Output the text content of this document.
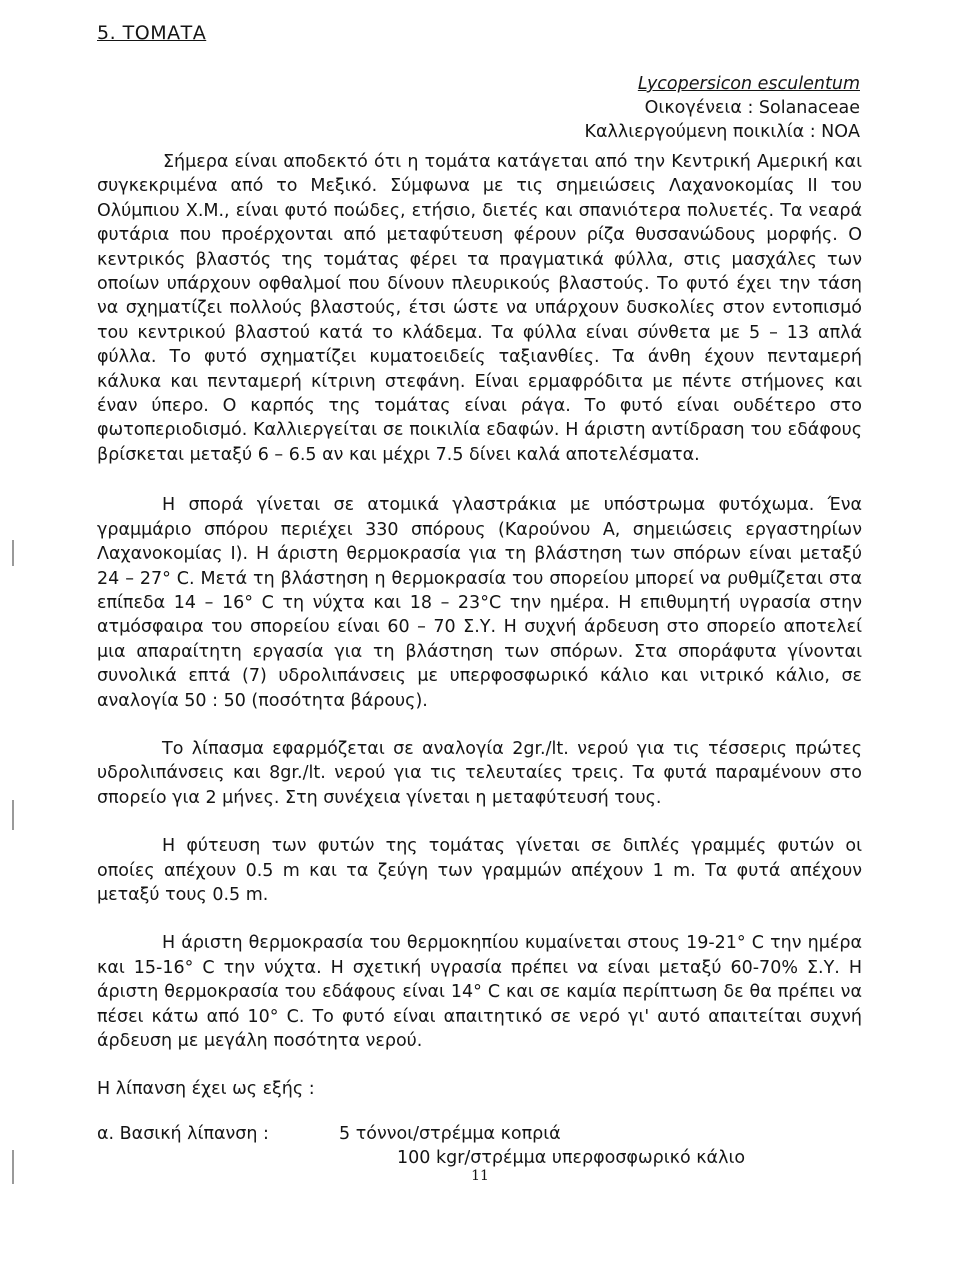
5. ΤΟΜΑΤΑ
Lycopersicon esculentum
Οικογένεια : Solanaceae
Καλλιεργούμενη ποικιλία : ΝΟΑ

Σήμερα είναι αποδεκτό ότι η τομάτα κατάγεται από την Κεντρική Αμερική και συγκεκριμένα από το Μεξικό. Σύμφωνα με τις σημειώσεις Λαχανοκομίας ΙΙ του Ολύμπιου Χ.Μ., είναι φυτό ποώδες, ετήσιο, διετές και σπανιότερα πολυετές. Τα νεαρά φυτάρια που προέρχονται από μεταφύτευση φέρουν ρίζα θυσσανώδους μορφής. Ο κεντρικός βλαστός της τομάτας φέρει τα πραγματικά φύλλα, στις μασχάλες των οποίων υπάρχουν οφθαλμοί που δίνουν πλευρικούς βλαστούς. Το φυτό έχει την τάση να σχηματίζει πολλούς βλαστούς, έτσι ώστε να υπάρχουν δυσκολίες στον εντοπισμό του κεντρικού βλαστού κατά το κλάδεμα. Τα φύλλα είναι σύνθετα με 5 – 13 απλά φύλλα. Το φυτό σχηματίζει κυματοειδείς ταξιανθίες. Τα άνθη έχουν πενταμερή κάλυκα και πενταμερή κίτρινη στεφάνη. Είναι ερμαφρόδιτα με πέντε στήμονες και έναν ύπερο. Ο καρπός της τομάτας είναι ράγα. Το φυτό είναι ουδέτερο στο φωτοπεριοδισμό. Καλλιεργείται σε ποικιλία εδαφών. Η άριστη αντίδραση του εδάφους βρίσκεται μεταξύ 6 – 6.5 αν και μέχρι 7.5 δίνει καλά αποτελέσματα.

Η σπορά γίνεται σε ατομικά γλαστράκια με υπόστρωμα φυτόχωμα. Ένα γραμμάριο σπόρου περιέχει 330 σπόρους (Καρούνου Α, σημειώσεις εργαστηρίων Λαχανοκομίας Ι). Η άριστη θερμοκρασία για τη βλάστηση των σπόρων είναι μεταξύ 24 – 27° C. Μετά τη βλάστηση η θερμοκρασία του σπορείου μπορεί να ρυθμίζεται στα επίπεδα 14 – 16° C τη νύχτα και 18 – 23°C την ημέρα. Η επιθυμητή υγρασία στην ατμόσφαιρα του σπορείου είναι 60 – 70 Σ.Υ. Η συχνή άρδευση στο σπορείο αποτελεί μια απαραίτητη εργασία για τη βλάστηση των σπόρων. Στα σποράφυτα γίνονται συνολικά επτά (7) υδρολιπάνσεις με υπερφοσφωρικό κάλιο και νιτρικό κάλιο, σε αναλογία 50 : 50 (ποσότητα βάρους).

Το λίπασμα εφαρμόζεται σε αναλογία 2gr./lt. νερού για τις τέσσερις πρώτες υδρολιπάνσεις και 8gr./lt. νερού για τις τελευταίες τρεις. Τα φυτά παραμένουν στο σπορείο για 2 μήνες. Στη συνέχεια γίνεται η μεταφύτευσή τους.

Η φύτευση των φυτών της τομάτας γίνεται σε διπλές γραμμές φυτών οι οποίες απέχουν 0.5 m και τα ζεύγη των γραμμών απέχουν 1 m. Τα φυτά απέχουν μεταξύ τους 0.5 m.

Η άριστη θερμοκρασία του θερμοκηπίου κυμαίνεται στους 19-21° C την ημέρα και 15-16° C την νύχτα. Η σχετική υγρασία πρέπει να είναι μεταξύ 60-70% Σ.Υ. Η άριστη θερμοκρασία του εδάφους είναι 14° C και σε καμία περίπτωση δε θα πρέπει να πέσει κάτω από 10° C. Το φυτό είναι απαιτητικό σε νερό γι' αυτό απαιτείται συχνή άρδευση με μεγάλη ποσότητα νερού.

Η λίπανση έχει ως εξής :

α. Βασική λίπανση :	5 τόννοι/στρέμμα κοπριά
100 kgr/στρέμμα υπερφοσφωρικό κάλιο
11
